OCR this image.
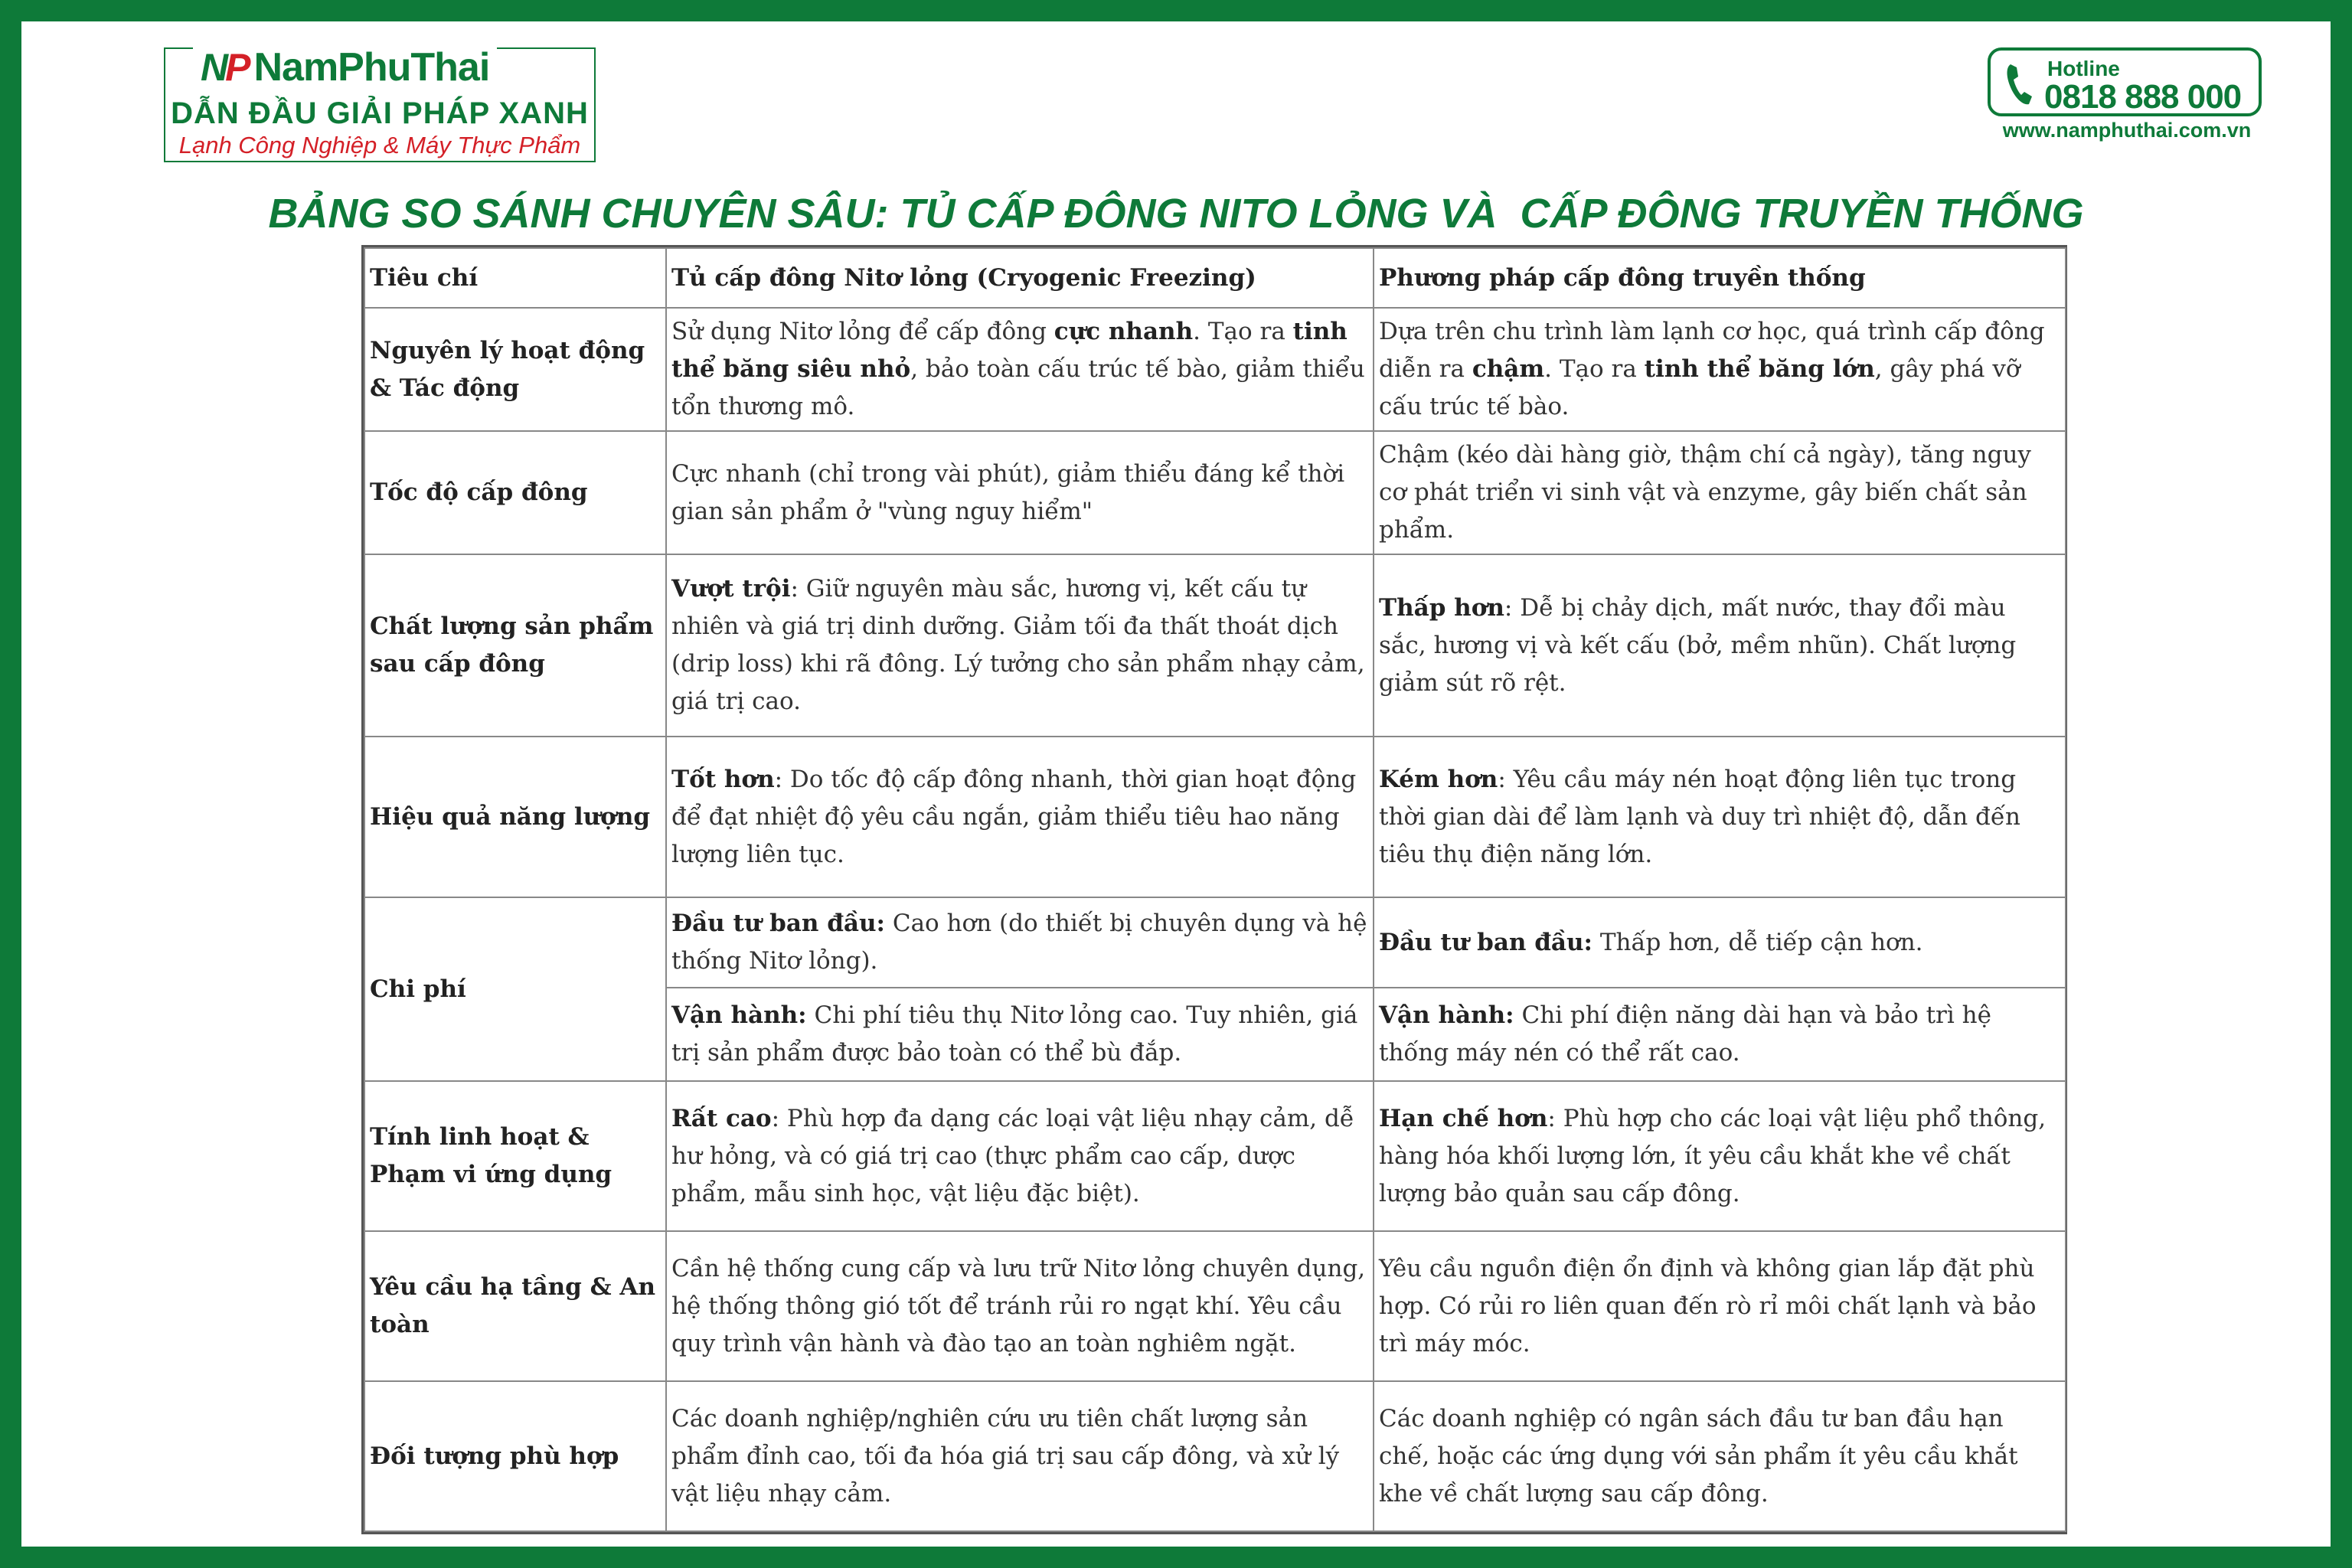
NP NamPhuThai
DẪN ĐẦU GIẢI PHÁP XANH
Lạnh Công Nghiệp & Máy Thực Phẩm
Hotline
0818 888 000
www.namphuthai.com.vn
BẢNG SO SÁNH CHUYÊN SÂU: TỦ CẤP ĐÔNG NITO LỎNG VÀ  CẤP ĐÔNG TRUYỀN THỐNG
Tiêu chí	Tủ cấp đông Nitơ lỏng (Cryogenic Freezing)	Phương pháp cấp đông truyền thống
Nguyên lý hoạt động & Tác động	Sử dụng Nitơ lỏng để cấp đông cực nhanh. Tạo ra tinh thể băng siêu nhỏ, bảo toàn cấu trúc tế bào, giảm thiểu tổn thương mô.	Dựa trên chu trình làm lạnh cơ học, quá trình cấp đông diễn ra chậm. Tạo ra tinh thể băng lớn, gây phá vỡ cấu trúc tế bào.
Tốc độ cấp đông	Cực nhanh (chỉ trong vài phút), giảm thiểu đáng kể thời gian sản phẩm ở "vùng nguy hiểm"	Chậm (kéo dài hàng giờ, thậm chí cả ngày), tăng nguy cơ phát triển vi sinh vật và enzyme, gây biến chất sản phẩm.
Chất lượng sản phẩm sau cấp đông	Vượt trội: Giữ nguyên màu sắc, hương vị, kết cấu tự nhiên và giá trị dinh dưỡng. Giảm tối đa thất thoát dịch (drip loss) khi rã đông. Lý tưởng cho sản phẩm nhạy cảm, giá trị cao.	Thấp hơn: Dễ bị chảy dịch, mất nước, thay đổi màu sắc, hương vị và kết cấu (bở, mềm nhũn). Chất lượng giảm sút rõ rệt.
Hiệu quả năng lượng	Tốt hơn: Do tốc độ cấp đông nhanh, thời gian hoạt động để đạt nhiệt độ yêu cầu ngắn, giảm thiểu tiêu hao năng lượng liên tục.	Kém hơn: Yêu cầu máy nén hoạt động liên tục trong thời gian dài để làm lạnh và duy trì nhiệt độ, dẫn đến tiêu thụ điện năng lớn.
Chi phí	Đầu tư ban đầu: Cao hơn (do thiết bị chuyên dụng và hệ thống Nitơ lỏng).	Đầu tư ban đầu: Thấp hơn, dễ tiếp cận hơn.
	Vận hành: Chi phí tiêu thụ Nitơ lỏng cao. Tuy nhiên, giá trị sản phẩm được bảo toàn có thể bù đắp.	Vận hành: Chi phí điện năng dài hạn và bảo trì hệ thống máy nén có thể rất cao.
Tính linh hoạt & Phạm vi ứng dụng	Rất cao: Phù hợp đa dạng các loại vật liệu nhạy cảm, dễ hư hỏng, và có giá trị cao (thực phẩm cao cấp, dược phẩm, mẫu sinh học, vật liệu đặc biệt).	Hạn chế hơn: Phù hợp cho các loại vật liệu phổ thông, hàng hóa khối lượng lớn, ít yêu cầu khắt khe về chất lượng bảo quản sau cấp đông.
Yêu cầu hạ tầng & An toàn	Cần hệ thống cung cấp và lưu trữ Nitơ lỏng chuyên dụng, hệ thống thông gió tốt để tránh rủi ro ngạt khí. Yêu cầu quy trình vận hành và đào tạo an toàn nghiêm ngặt.	Yêu cầu nguồn điện ổn định và không gian lắp đặt phù hợp. Có rủi ro liên quan đến rò rỉ môi chất lạnh và bảo trì máy móc.
Đối tượng phù hợp	Các doanh nghiệp/nghiên cứu ưu tiên chất lượng sản phẩm đỉnh cao, tối đa hóa giá trị sau cấp đông, và xử lý vật liệu nhạy cảm.	Các doanh nghiệp có ngân sách đầu tư ban đầu hạn chế, hoặc các ứng dụng với sản phẩm ít yêu cầu khắt khe về chất lượng sau cấp đông.
